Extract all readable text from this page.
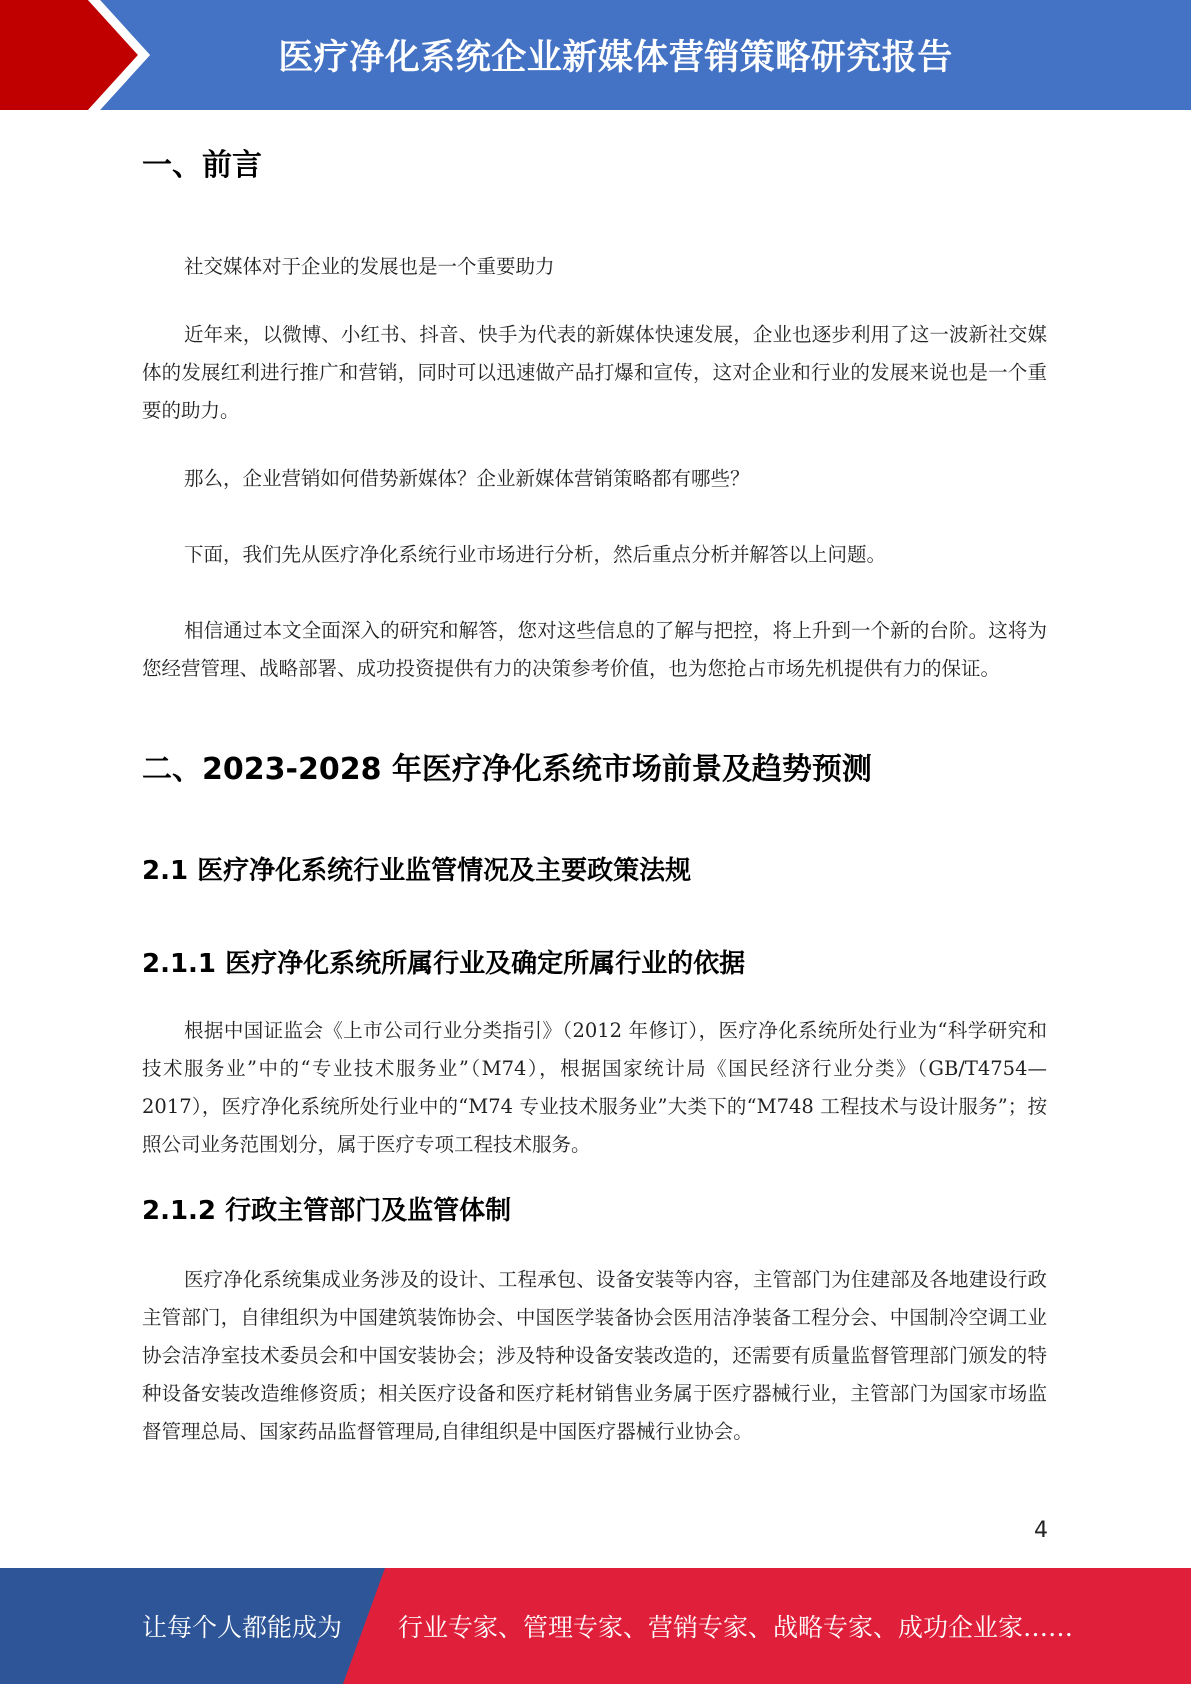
医疗净化系统企业新媒体营销策略研究报告
一、前言

社交媒体对于企业的发展也是一个重要助力

近年来，以微博、小红书、抖音、快手为代表的新媒体快速发展，企业也逐步利用了这一波新社交媒体的发展红利进行推广和营销，同时可以迅速做产品打爆和宣传，这对企业和行业的发展来说也是一个重要的助力。

那么，企业营销如何借势新媒体？企业新媒体营销策略都有哪些？

下面，我们先从医疗净化系统行业市场进行分析，然后重点分析并解答以上问题。

相信通过本文全面深入的研究和解答，您对这些信息的了解与把控，将上升到一个新的台阶。这将为您经营管理、战略部署、成功投资提供有力的决策参考价值，也为您抢占市场先机提供有力的保证。

二、2023-2028 年医疗净化系统市场前景及趋势预测
2.1 医疗净化系统行业监管情况及主要政策法规
2.1.1 医疗净化系统所属行业及确定所属行业的依据

根据中国证监会《上市公司行业分类指引》（2012 年修订），医疗净化系统所处行业为“科学研究和技术服务业”中的“专业技术服务业”（M74），根据国家统计局《国民经济行业分类》（GB/T4754—2017），医疗净化系统所处行业中的“M74 专业技术服务业”大类下的“M748 工程技术与设计服务”；按照公司业务范围划分，属于医疗专项工程技术服务。

2.1.2 行政主管部门及监管体制

医疗净化系统集成业务涉及的设计、工程承包、设备安装等内容，主管部门为住建部及各地建设行政主管部门，自律组织为中国建筑装饰协会、中国医学装备协会医用洁净装备工程分会、中国制冷空调工业协会洁净室技术委员会和中国安装协会；涉及特种设备安装改造的，还需要有质量监督管理部门颁发的特种设备安装改造维修资质；相关医疗设备和医疗耗材销售业务属于医疗器械行业，主管部门为国家市场监督管理总局、国家药品监督管理局,自律组织是中国医疗器械行业协会。

4
让每个人都能成为 行业专家、管理专家、营销专家、战略专家、成功企业家……
